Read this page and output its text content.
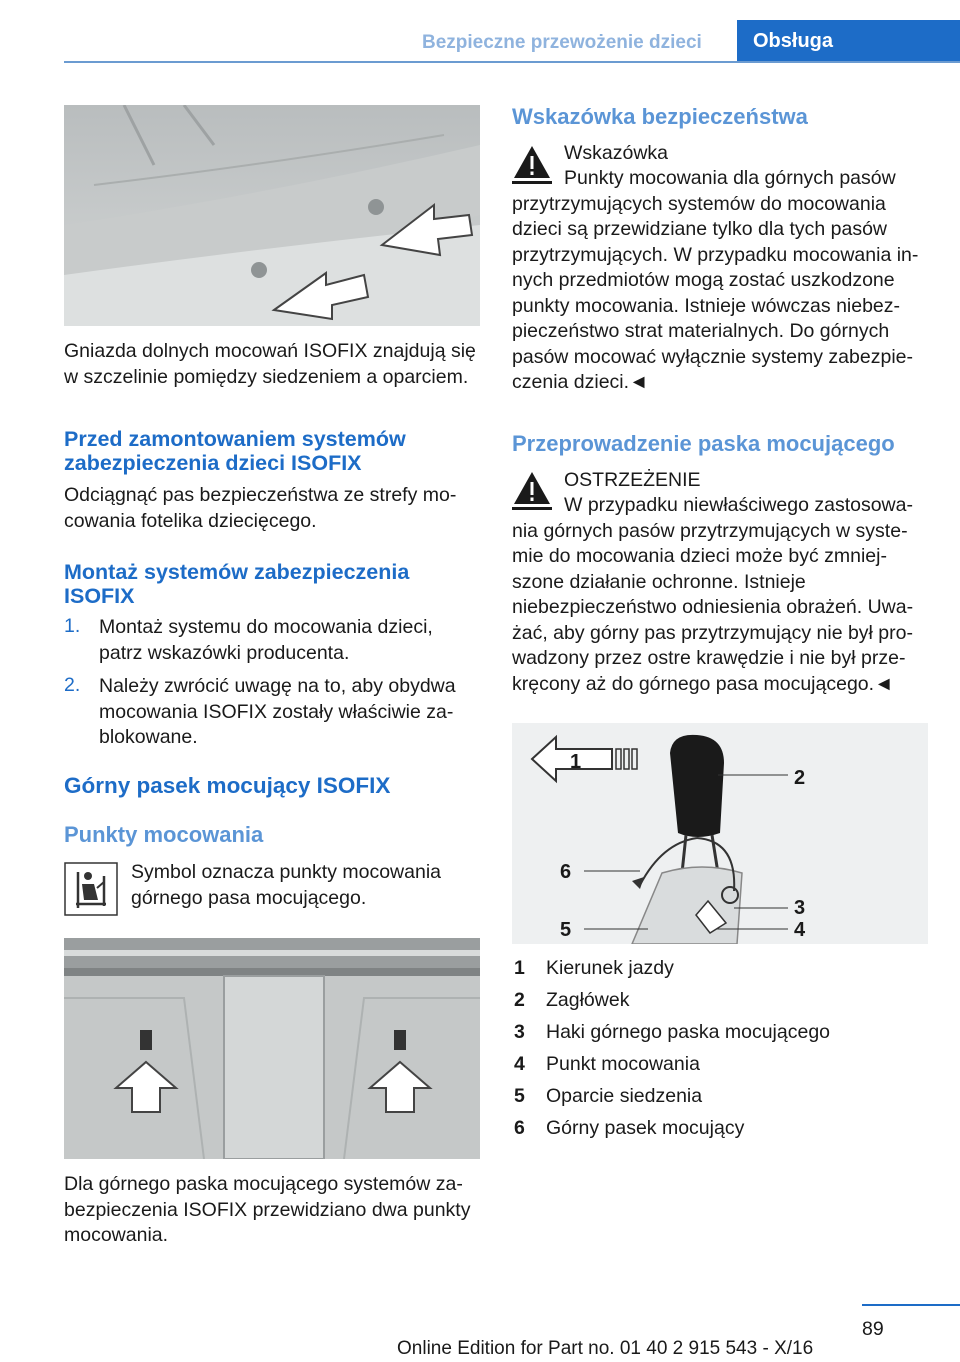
Bezpieczne przewożenie dzieci	Obsługa
Gniazda dolnych mocowań ISOFIX znajdują się w szczelinie pomiędzy siedzeniem a oparciem.
Przed zamontowaniem systemów
zabezpieczenia dzieci ISOFIX
Odciągnąć pas bezpieczeństwa ze strefy mocowania fotelika dziecięcego.
Montaż systemów zabezpieczenia
ISOFIX
1. Montaż systemu do mocowania dzieci, patrz wskazówki producenta.
2. Należy zwrócić uwagę na to, aby obydwa mocowania ISOFIX zostały właściwie zablokowane.
Górny pasek mocujący ISOFIX
Punkty mocowania
Symbol oznacza punkty mocowania górnego pasa mocującego.
Dla górnego paska mocującego systemów zabezpieczenia ISOFIX przewidziano dwa punkty mocowania.
Wskazówka bezpieczeństwa
Wskazówka
Punkty mocowania dla górnych pasów przytrzymujących systemów do mocowania dzieci są przewidziane tylko dla tych pasów przytrzymujących. W przypadku mocowania innych przedmiotów mogą zostać uszkodzone punkty mocowania. Istnieje wówczas niebezpieczeństwo strat materialnych. Do górnych pasów mocować wyłącznie systemy zabezpieczenia dzieci.◄
Przeprowadzenie paska mocującego
OSTRZEŻENIE
W przypadku niewłaściwego zastosowania górnych pasów przytrzymujących w systemie do mocowania dzieci może być zmniejszone działanie ochronne. Istnieje niebezpieczeństwo odniesienia obrażeń. Uważać, aby górny pas przytrzymujący nie był prowadzony przez ostre krawędzie i nie był przekręcony aż do górnego pasa mocującego.◄
1
2
6
3
5	4
1 Kierunek jazdy
2 Zagłówek
3 Haki górnego paska mocującego
4 Punkt mocowania
5 Oparcie siedzenia
6 Górny pasek mocujący
89
Online Edition for Part no. 01 40 2 915 543 - X/16
